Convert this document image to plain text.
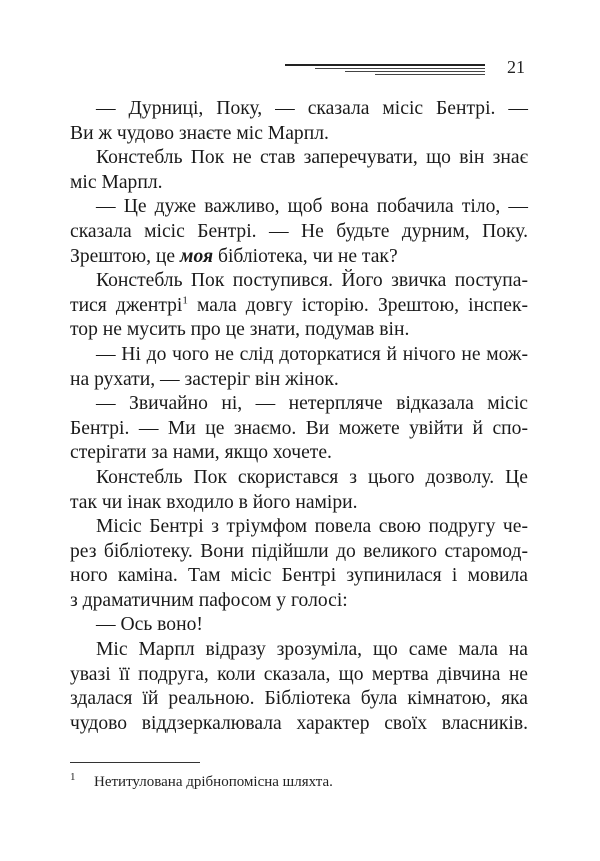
21
— Дурниці, Поку, — сказала місіс Бентрі. —
Ви ж чудово знаєте міс Марпл.
Констебль Пок не став заперечувати, що він знає
міс Марпл.
— Це дуже важливо, щоб вона побачила тіло, —
сказала місіс Бентрі. — Не будьте дурним, Поку.
Зрештою, це моя бібліотека, чи не так?
Констебль Пок поступився. Його звичка поступа-
тися джентрі$^1$ мала довгу історію. Зрештою, інспек-
тор не мусить про це знати, подумав він.
— Ні до чого не слід доторкатися й нічого не мож-
на рухати, — застеріг він жінок.
— Звичайно ні, — нетерпляче відказала місіс
Бентрі. — Ми це знаємо. Ви можете увійти й спо-
стерігати за нами, якщо хочете.
Констебль Пок скористався з цього дозволу. Це
так чи інак входило в його наміри.
Місіс Бентрі з тріумфом повела свою подругу че-
рез бібліотеку. Вони підійшли до великого старомод-
ного каміна. Там місіс Бентрі зупинилася і мовила
з драматичним пафосом у голосі:
— Ось воно!
Міс Марпл відразу зрозуміла, що саме мала на
увазі її подруга, коли сказала, що мертва дівчина не
здалася їй реальною. Бібліотека була кімнатою, яка
чудово віддзеркалювала характер своїх власників.
1 Нетитулована дрібнопомісна шляхта.
